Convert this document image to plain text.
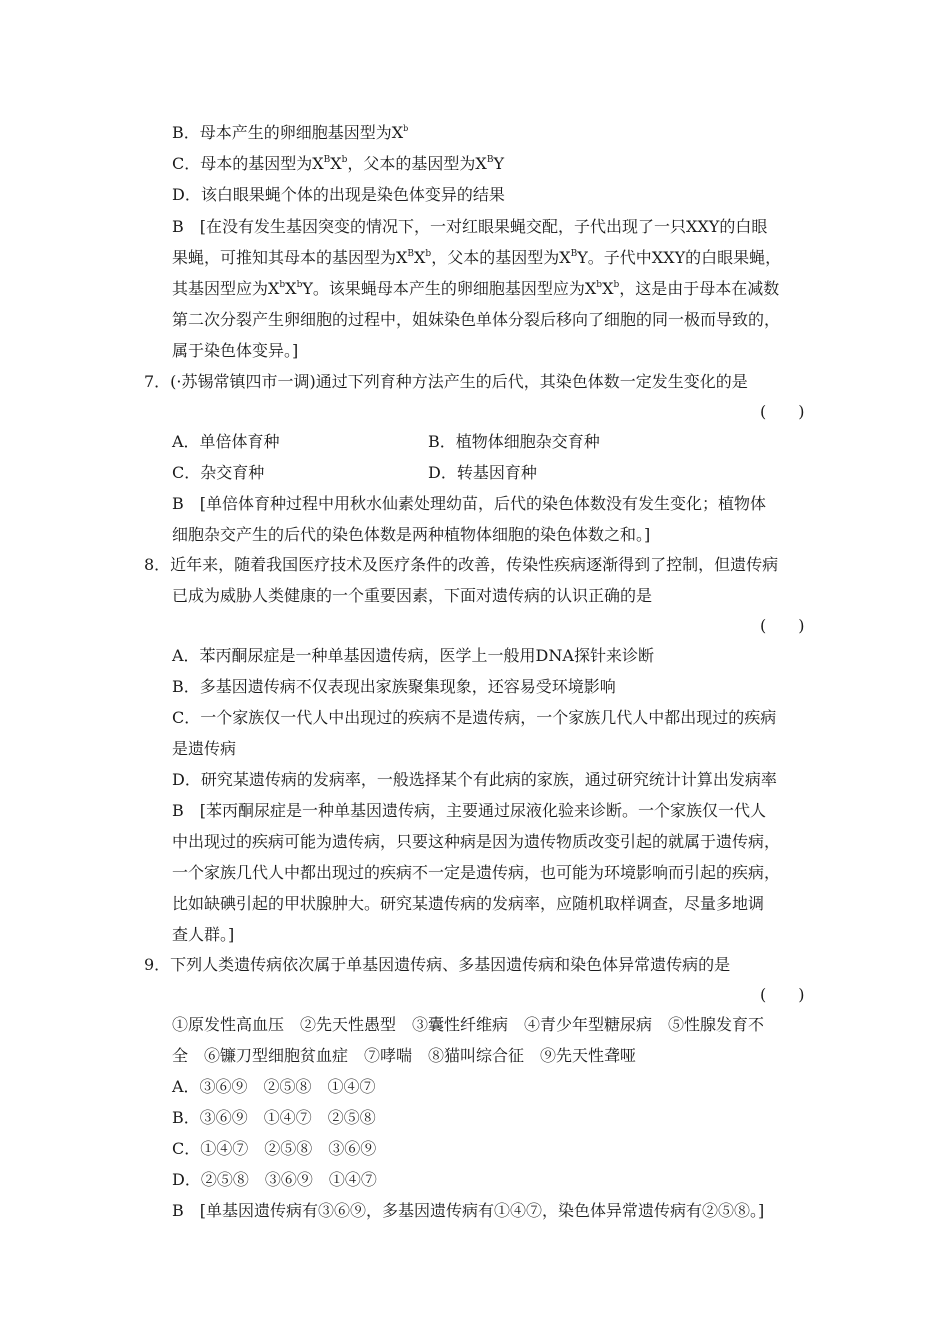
B．母本产生的卵细胞基因型为$X^b$
C．母本的基因型为$X^BX^b$，父本的基因型为$X^BY$
D．该白眼果蝇个体的出现是染色体变异的结果
B　[在没有发生基因突变的情况下，一对红眼果蝇交配，子代出现了一只XXY的白眼
果蝇，可推知其母本的基因型为$X^BX^b$，父本的基因型为$X^BY$。子代中XXY的白眼果蝇，
其基因型应为$X^bX^bY$。该果蝇母本产生的卵细胞基因型应为$X^bX^b$，这是由于母本在减数
第二次分裂产生卵细胞的过程中，姐妹染色单体分裂后移向了细胞的同一极而导致的，
属于染色体变异。]
7．(·苏锡常镇四市一调)通过下列育种方法产生的后代，其染色体数一定发生变化的是
(　　)
A．单倍体育种	B．植物体细胞杂交育种
C．杂交育种	D．转基因育种
B　[单倍体育种过程中用秋水仙素处理幼苗，后代的染色体数没有发生变化；植物体
细胞杂交产生的后代的染色体数是两种植物体细胞的染色体数之和。]
8．近年来，随着我国医疗技术及医疗条件的改善，传染性疾病逐渐得到了控制，但遗传病
已成为威胁人类健康的一个重要因素，下面对遗传病的认识正确的是
(　　)
A．苯丙酮尿症是一种单基因遗传病，医学上一般用DNA探针来诊断
B．多基因遗传病不仅表现出家族聚集现象，还容易受环境影响
C．一个家族仅一代人中出现过的疾病不是遗传病，一个家族几代人中都出现过的疾病
是遗传病
D．研究某遗传病的发病率，一般选择某个有此病的家族，通过研究统计计算出发病率
B　[苯丙酮尿症是一种单基因遗传病，主要通过尿液化验来诊断。一个家族仅一代人
中出现过的疾病可能为遗传病，只要这种病是因为遗传物质改变引起的就属于遗传病，
一个家族几代人中都出现过的疾病不一定是遗传病，也可能为环境影响而引起的疾病，
比如缺碘引起的甲状腺肿大。研究某遗传病的发病率，应随机取样调查，尽量多地调
查人群。]
9．下列人类遗传病依次属于单基因遗传病、多基因遗传病和染色体异常遗传病的是
(　　)
①原发性高血压　②先天性愚型　③囊性纤维病　④青少年型糖尿病　⑤性腺发育不
全　⑥镰刀型细胞贫血症　⑦哮喘　⑧猫叫综合征　⑨先天性聋哑
A．③⑥⑨　②⑤⑧　①④⑦
B．③⑥⑨　①④⑦　②⑤⑧
C．①④⑦　②⑤⑧　③⑥⑨
D．②⑤⑧　③⑥⑨　①④⑦
B　[单基因遗传病有③⑥⑨，多基因遗传病有①④⑦，染色体异常遗传病有②⑤⑧。]
